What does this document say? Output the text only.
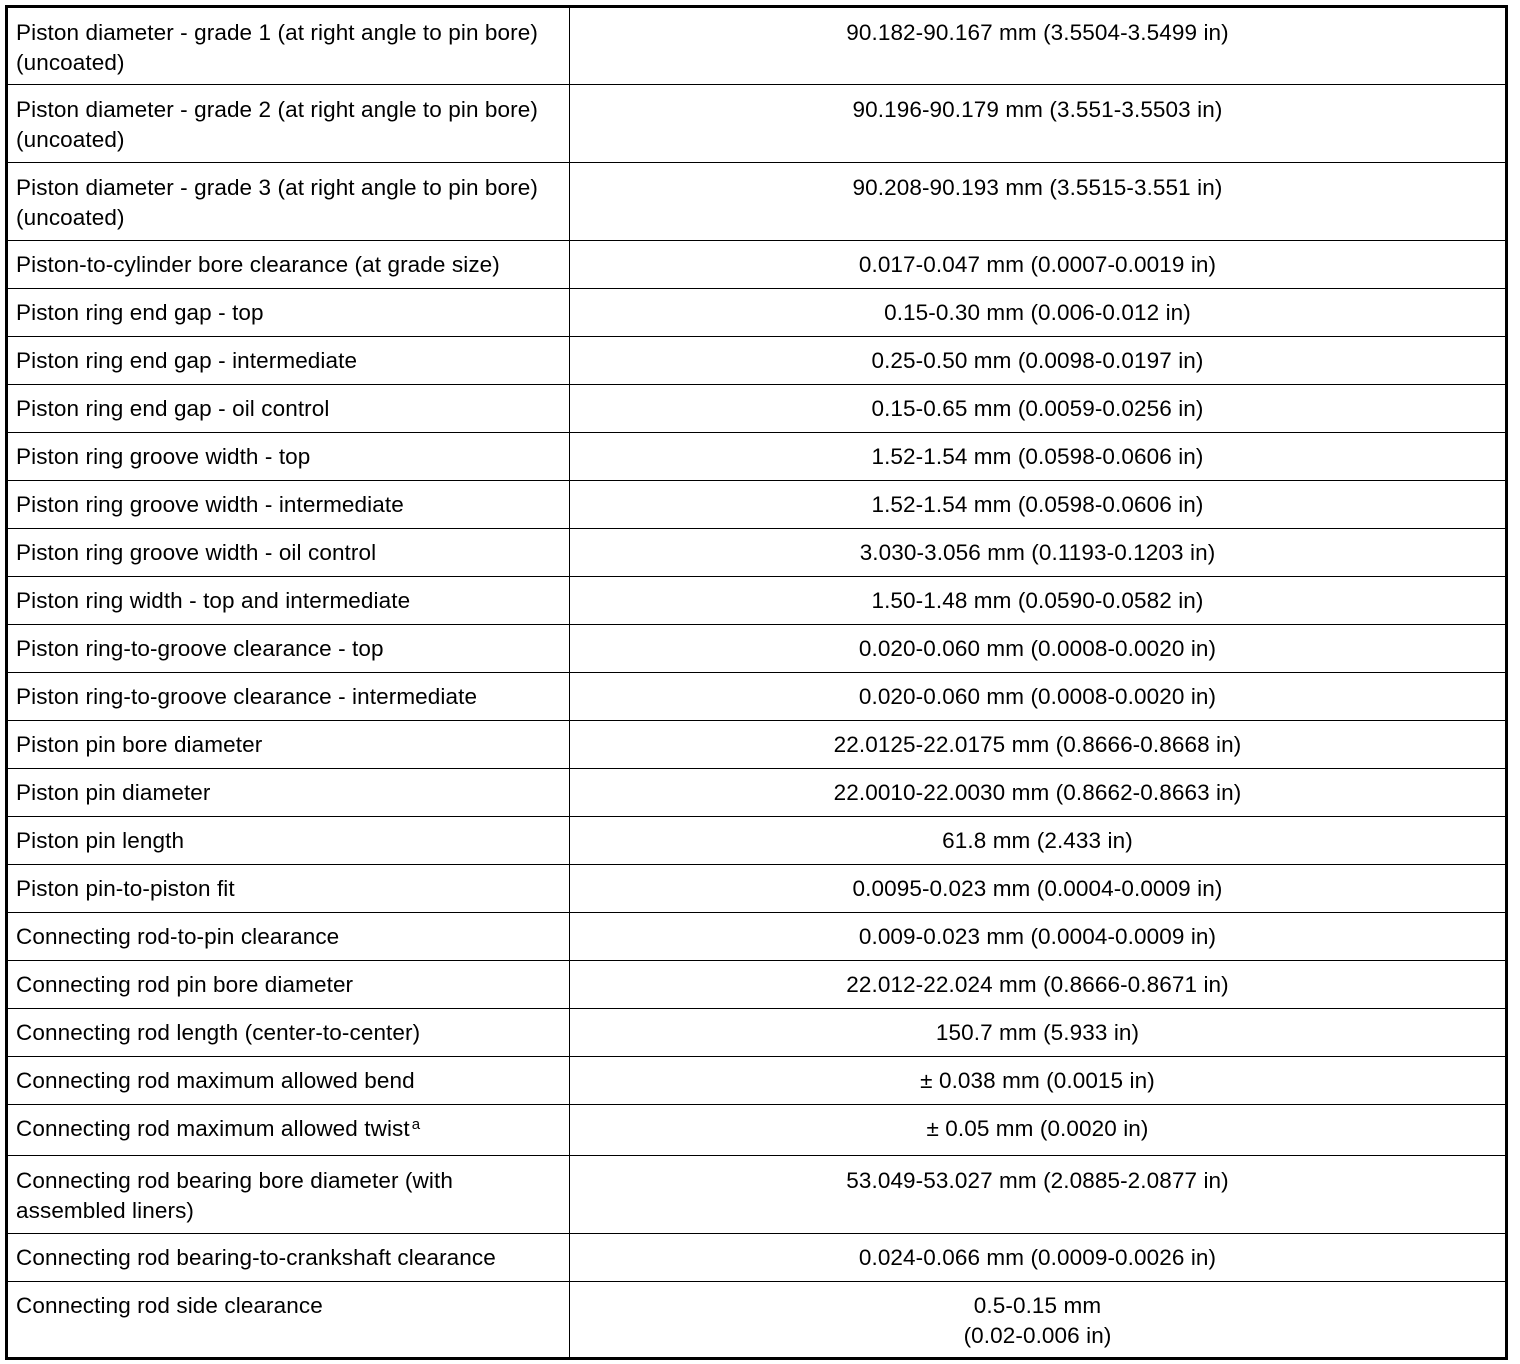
Piston diameter - grade 1 (at right angle to pin bore) (uncoated)	90.182-90.167 mm (3.5504-3.5499 in)
Piston diameter - grade 2 (at right angle to pin bore) (uncoated)	90.196-90.179 mm (3.551-3.5503 in)
Piston diameter - grade 3 (at right angle to pin bore) (uncoated)	90.208-90.193 mm (3.5515-3.551 in)
Piston-to-cylinder bore clearance (at grade size)	0.017-0.047 mm (0.0007-0.0019 in)
Piston ring end gap - top	0.15-0.30 mm (0.006-0.012 in)
Piston ring end gap - intermediate	0.25-0.50 mm (0.0098-0.0197 in)
Piston ring end gap - oil control	0.15-0.65 mm (0.0059-0.0256 in)
Piston ring groove width - top	1.52-1.54 mm (0.0598-0.0606 in)
Piston ring groove width - intermediate	1.52-1.54 mm (0.0598-0.0606 in)
Piston ring groove width - oil control	3.030-3.056 mm (0.1193-0.1203 in)
Piston ring width - top and intermediate	1.50-1.48 mm (0.0590-0.0582 in)
Piston ring-to-groove clearance - top	0.020-0.060 mm (0.0008-0.0020 in)
Piston ring-to-groove clearance - intermediate	0.020-0.060 mm (0.0008-0.0020 in)
Piston pin bore diameter	22.0125-22.0175 mm (0.8666-0.8668 in)
Piston pin diameter	22.0010-22.0030 mm (0.8662-0.8663 in)
Piston pin length	61.8 mm (2.433 in)
Piston pin-to-piston fit	0.0095-0.023 mm (0.0004-0.0009 in)
Connecting rod-to-pin clearance	0.009-0.023 mm (0.0004-0.0009 in)
Connecting rod pin bore diameter	22.012-22.024 mm (0.8666-0.8671 in)
Connecting rod length (center-to-center)	150.7 mm (5.933 in)
Connecting rod maximum allowed bend	± 0.038 mm (0.0015 in)
Connecting rod maximum allowed twist $^a$	± 0.05 mm (0.0020 in)
Connecting rod bearing bore diameter (with assembled liners)	53.049-53.027 mm (2.0885-2.0877 in)
Connecting rod bearing-to-crankshaft clearance	0.024-0.066 mm (0.0009-0.0026 in)
Connecting rod side clearance	0.5-0.15 mm
(0.02-0.006 in)
